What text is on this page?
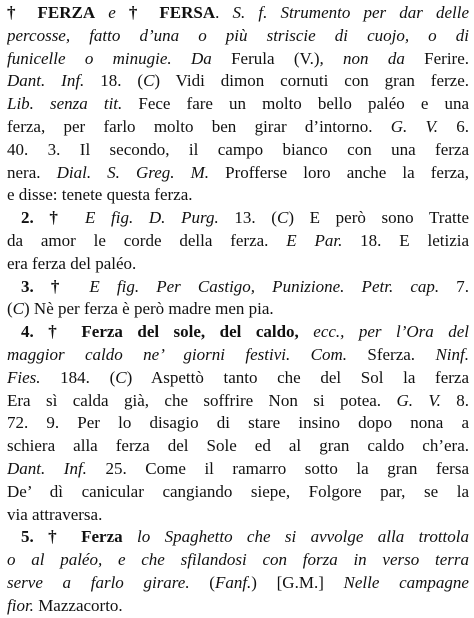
† FERZA e † FERSA. S. f. Strumento per dar delle
percosse, fatto d’una o più striscie di cuojo, o di
funicelle o minugie. Da Ferula (V.), non da Ferire.
Dant. Inf. 18. (C) Vidi dimon cornuti con gran ferze.
Lib. senza tit. Fece fare un molto bello paléo e una
ferza, per farlo molto ben girar d’intorno. G. V. 6.
40. 3. Il secondo, il campo bianco con una ferza
nera. Dial. S. Greg. M. Profferse loro anche la ferza,
e disse: tenete questa ferza.
2. † E fig. D. Purg. 13. (C) E però sono Tratte
da amor le corde della ferza. E Par. 18. E letizia
era ferza del paléo.
3. † E fig. Per Castigo, Punizione. Petr. cap. 7.
(C) Nè per ferza è però madre men pia.
4. † Ferza del sole, del caldo, ecc., per l’Ora del
maggior caldo ne’ giorni festivi. Com. Sferza. Ninf.
Fies. 184. (C) Aspettò tanto che del Sol la ferza
Era sì calda già, che soffrire Non si potea. G. V. 8.
72. 9. Per lo disagio di stare insino dopo nona a
schiera alla ferza del Sole ed al gran caldo ch’era.
Dant. Inf. 25. Come il ramarro sotto la gran fersa
De’ dì canicular cangiando siepe, Folgore par, se la
via attraversa.
5. † Ferza lo Spaghetto che si avvolge alla trottola
o al paléo, e che sfilandosi con forza in verso terra
serve a farlo girare. (Fanf.) [G.M.] Nelle campagne
fior. Mazzacorto.
